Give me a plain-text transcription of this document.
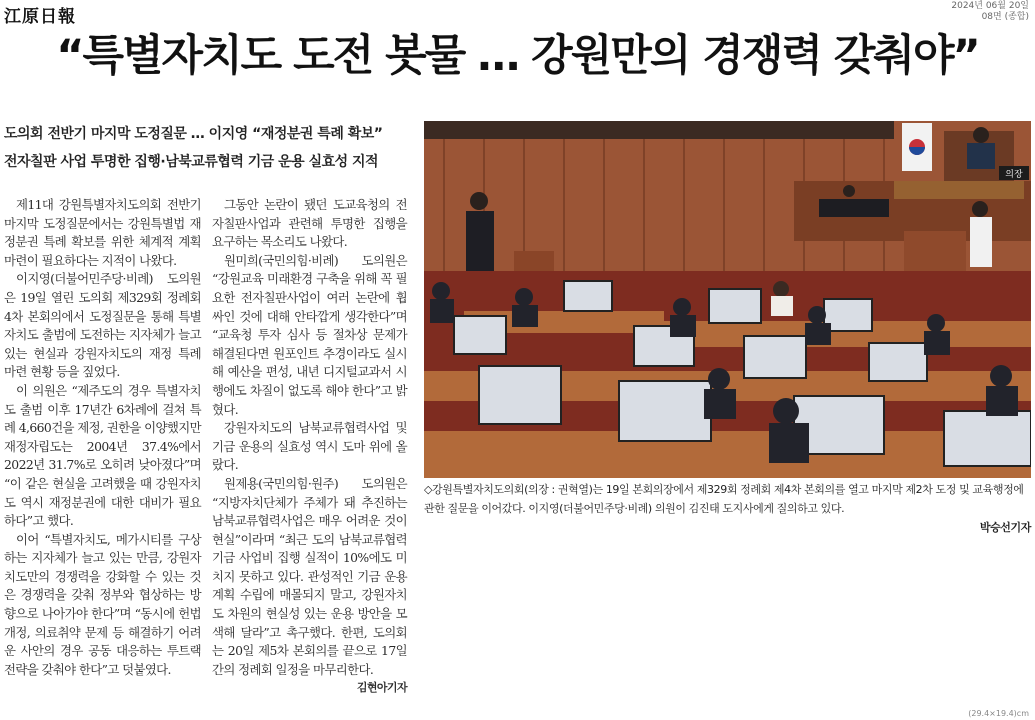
江原日報
2024년 06월 20일
08면 (종합)
“특별자치도 도전 봇물 … 강원만의 경쟁력 갖춰야”
도의회 전반기 마지막 도정질문 … 이지영 “재정분권 특례 확보”
전자칠판 사업 투명한 집행·남북교류협력 기금 운용 실효성 지적

제11대 강원특별자치도의회 전반기 마지막 도정질문에서는 강원특별법 재정분권 특례 확보를 위한 체계적 계획 마련이 필요하다는 지적이 나왔다.

이지영(더불어민주당·비례) 도의원은 19일 열린 도의회 제329회 정례회 4차 본회의에서 도정질문을 통해 특별자치도 출범에 도전하는 지자체가 늘고 있는 현실과 강원자치도의 재정 특례 마련 현황 등을 짚었다.

이 의원은 “제주도의 경우 특별자치도 출범 이후 17년간 6차례에 걸쳐 특례 4,660건을 제정, 권한을 이양했지만 재정자립도는 2004년 37.4%에서 2022년 31.7%로 오히려 낮아졌다”며 “이 같은 현실을 고려했을 때 강원자치도 역시 재정분권에 대한 대비가 필요하다”고 했다.

이어 “특별자치도, 메가시티를 구상하는 지자체가 늘고 있는 만큼, 강원자치도만의 경쟁력을 강화할 수 있는 것은 경쟁력을 갖춰 정부와 협상하는 방향으로 나아가야 한다”며 “동시에 헌법개정, 의료취약 문제 등 해결하기 어려운 사안의 경우 공동 대응하는 투트랙 전략을 갖춰야 한다”고 덧붙였다.

그동안 논란이 됐던 도교육청의 전자칠판사업과 관련해 투명한 집행을 요구하는 목소리도 나왔다.

원미희(국민의힘·비례) 도의원은 “강원교육 미래환경 구축을 위해 꼭 필요한 전자칠판사업이 여러 논란에 휩싸인 것에 대해 안타깝게 생각한다”며 “교육청 투자 심사 등 절차상 문제가 해결된다면 원포인트 추경이라도 실시해 예산을 편성, 내년 디지털교과서 시행에도 차질이 없도록 해야 한다”고 밝혔다.

강원자치도의 남북교류협력사업 및 기금 운용의 실효성 역시 도마 위에 올랐다.

원제용(국민의힘·원주) 도의원은 “지방자치단체가 주체가 돼 추진하는 남북교류협력사업은 매우 어려운 것이 현실”이라며 “최근 도의 남북교류협력기금 사업비 집행 실적이 10%에도 미치지 못하고 있다. 관성적인 기금 운용계획 수립에 매몰되지 말고, 강원자치도 차원의 현실성 있는 운용 방안을 모색해 달라”고 촉구했다. 한편, 도의회는 20일 제5차 본회의를 끝으로 17일간의 정례회 일정을 마무리한다.

김현아기자
의장
◇강원특별자치도의회(의장 : 권혁열)는 19일 본회의장에서 제329회 정례회 제4차 본회의를 열고 마지막 제2차 도정 및 교육행정에 관한 질문을 이어갔다. 이지영(더불어민주당·비례) 의원이 김진태 도지사에게 질의하고 있다.
박승선기자
(29.4×19.4)cm
